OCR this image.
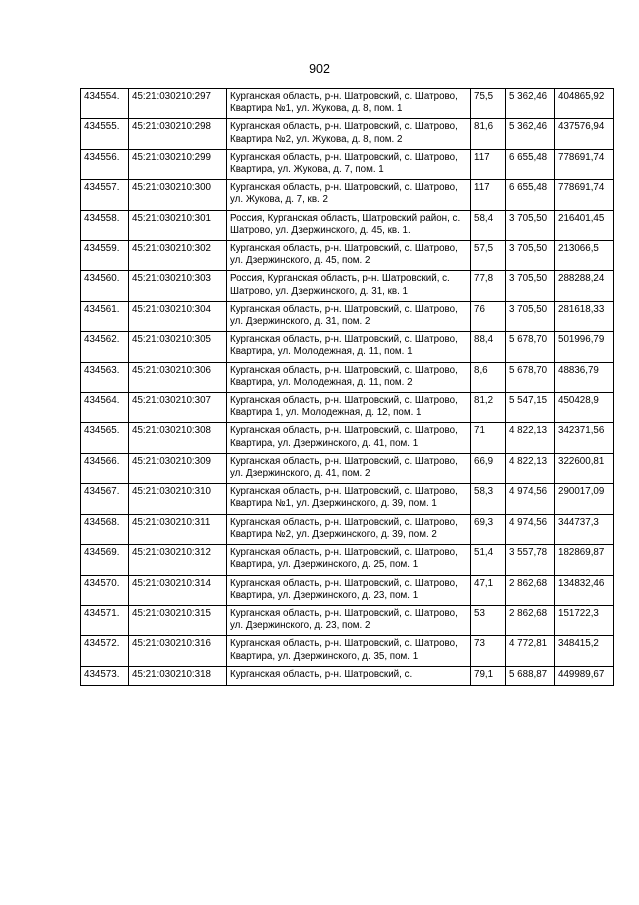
902
434554.	45:21:030210:297	Курганская область, р-н. Шатровский, с. Шатрово, Квартира №1, ул. Жукова, д. 8, пом. 1	75,5	5 362,46	404865,92
434555.	45:21:030210:298	Курганская область, р-н. Шатровский, с. Шатрово, Квартира №2, ул. Жукова, д. 8, пом. 2	81,6	5 362,46	437576,94
434556.	45:21:030210:299	Курганская область, р-н. Шатровский, с. Шатрово, Квартира, ул. Жукова, д. 7, пом. 1	117	6 655,48	778691,74
434557.	45:21:030210:300	Курганская область, р-н. Шатровский, с. Шатрово, ул. Жукова, д. 7, кв. 2	117	6 655,48	778691,74
434558.	45:21:030210:301	Россия, Курганская область, Шатровский район, с. Шатрово, ул. Дзержинского, д. 45, кв. 1.	58,4	3 705,50	216401,45
434559.	45:21:030210:302	Курганская область, р-н. Шатровский, с. Шатрово, ул. Дзержинского, д. 45, пом. 2	57,5	3 705,50	213066,5
434560.	45:21:030210:303	Россия, Курганская область, р-н. Шатровский, с. Шатрово, ул. Дзержинского, д. 31, кв. 1	77,8	3 705,50	288288,24
434561.	45:21:030210:304	Курганская область, р-н. Шатровский, с. Шатрово, ул. Дзержинского, д. 31, пом. 2	76	3 705,50	281618,33
434562.	45:21:030210:305	Курганская область, р-н. Шатровский, с. Шатрово, Квартира, ул. Молодежная, д. 11, пом. 1	88,4	5 678,70	501996,79
434563.	45:21:030210:306	Курганская область, р-н. Шатровский, с. Шатрово, Квартира, ул. Молодежная, д. 11, пом. 2	8,6	5 678,70	48836,79
434564.	45:21:030210:307	Курганская область, р-н. Шатровский, с. Шатрово, Квартира 1, ул. Молодежная, д. 12, пом. 1	81,2	5 547,15	450428,9
434565.	45:21:030210:308	Курганская область, р-н. Шатровский, с. Шатрово, Квартира, ул. Дзержинского, д. 41, пом. 1	71	4 822,13	342371,56
434566.	45:21:030210:309	Курганская область, р-н. Шатровский, с. Шатрово, ул. Дзержинского, д. 41, пом. 2	66,9	4 822,13	322600,81
434567.	45:21:030210:310	Курганская область, р-н. Шатровский, с. Шатрово, Квартира №1, ул. Дзержинского, д. 39, пом. 1	58,3	4 974,56	290017,09
434568.	45:21:030210:311	Курганская область, р-н. Шатровский, с. Шатрово, Квартира №2, ул. Дзержинского, д. 39, пом. 2	69,3	4 974,56	344737,3
434569.	45:21:030210:312	Курганская область, р-н. Шатровский, с. Шатрово, Квартира, ул. Дзержинского, д. 25, пом. 1	51,4	3 557,78	182869,87
434570.	45:21:030210:314	Курганская область, р-н. Шатровский, с. Шатрово, Квартира, ул. Дзержинского, д. 23, пом. 1	47,1	2 862,68	134832,46
434571.	45:21:030210:315	Курганская область, р-н. Шатровский, с. Шатрово, ул. Дзержинского, д. 23, пом. 2	53	2 862,68	151722,3
434572.	45:21:030210:316	Курганская область, р-н. Шатровский, с. Шатрово, Квартира, ул. Дзержинского, д. 35, пом. 1	73	4 772,81	348415,2
434573.	45:21:030210:318	Курганская область, р-н. Шатровский, с.	79,1	5 688,87	449989,67
